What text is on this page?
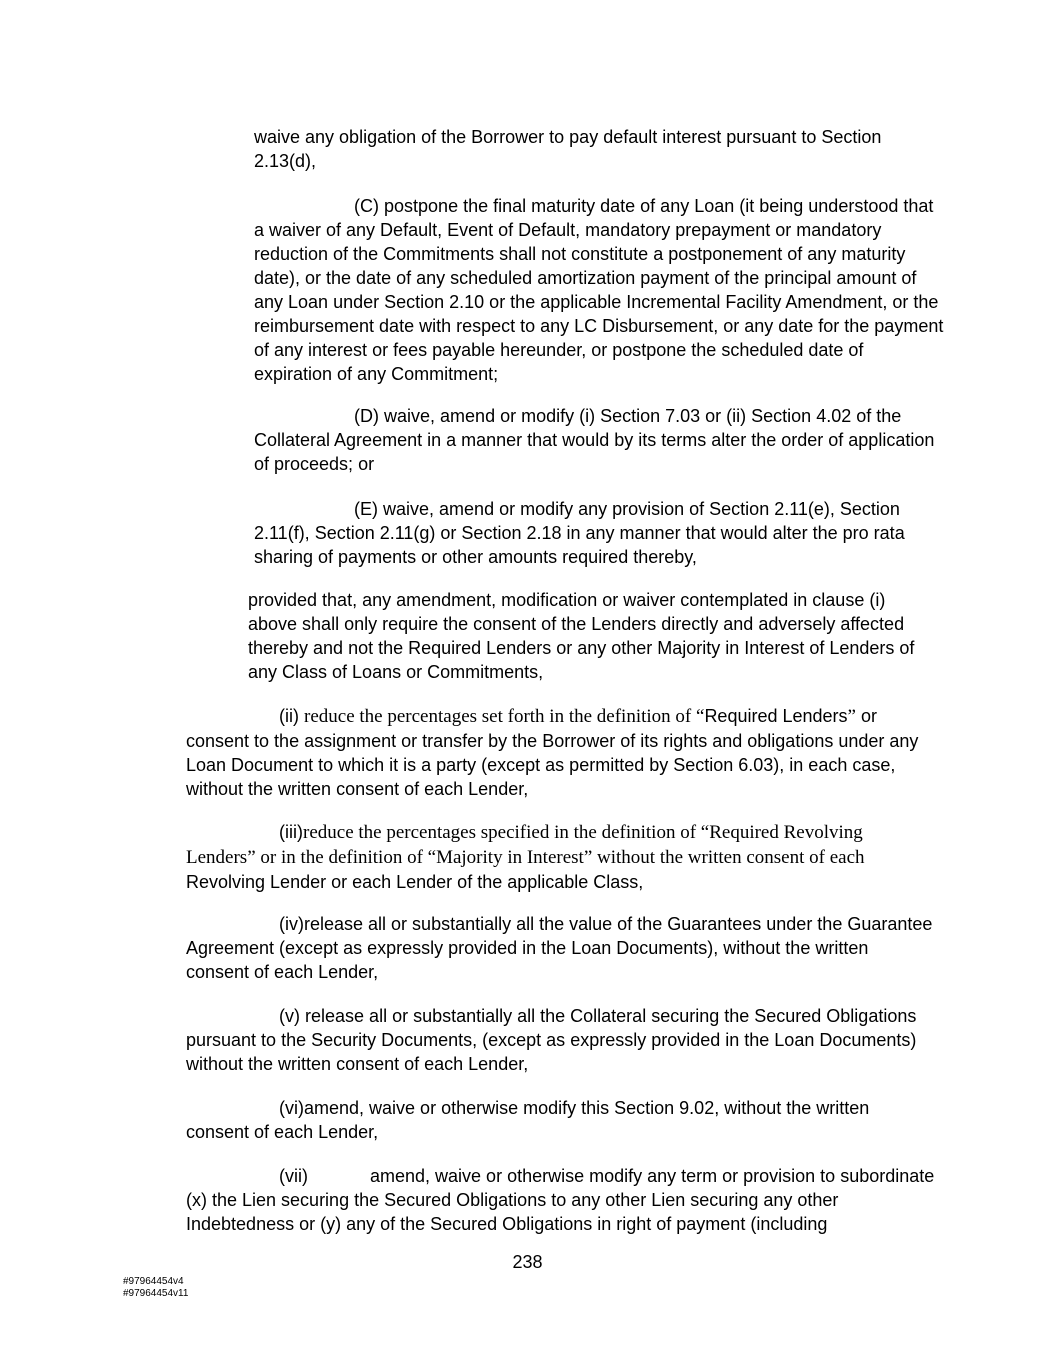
waive any obligation of the Borrower to pay default interest pursuant to Section 2.13(d),

(C) postpone the final maturity date of any Loan (it being understood that a waiver of any Default, Event of Default, mandatory prepayment or mandatory reduction of the Commitments shall not constitute a postponement of any maturity date), or the date of any scheduled amortization payment of the principal amount of any Loan under Section 2.10 or the applicable Incremental Facility Amendment, or the reimbursement date with respect to any LC Disbursement, or any date for the payment of any interest or fees payable hereunder, or postpone the scheduled date of expiration of any Commitment;

(D) waive, amend or modify (i) Section 7.03 or (ii) Section 4.02 of the Collateral Agreement in a manner that would by its terms alter the order of application of proceeds; or

(E) waive, amend or modify any provision of Section 2.11(e), Section 2.11(f), Section 2.11(g) or Section 2.18 in any manner that would alter the pro rata sharing of payments or other amounts required thereby,

provided that, any amendment, modification or waiver contemplated in clause (i) above shall only require the consent of the Lenders directly and adversely affected thereby and not the Required Lenders or any other Majority in Interest of Lenders of any Class of Loans or Commitments,

(ii) reduce the percentages set forth in the definition of “Required Lenders” or consent to the assignment or transfer by the Borrower of its rights and obligations under any Loan Document to which it is a party (except as permitted by Section 6.03), in each case, without the written consent of each Lender,

(iii)reduce the percentages specified in the definition of “Required Revolving Lenders” or in the definition of “Majority in Interest” without the written consent of each Revolving Lender or each Lender of the applicable Class,

(iv)release all or substantially all the value of the Guarantees under the Guarantee Agreement (except as expressly provided in the Loan Documents), without the written consent of each Lender,

(v) release all or substantially all the Collateral securing the Secured Obligations pursuant to the Security Documents, (except as expressly provided in the Loan Documents) without the written consent of each Lender,

(vi)amend, waive or otherwise modify this Section 9.02, without the written consent of each Lender,

(vii)	amend, waive or otherwise modify any term or provision to subordinate (x) the Lien securing the Secured Obligations to any other Lien securing any other Indebtedness or (y) any of the Secured Obligations in right of payment (including

238
#97964454v4
#97964454v11
